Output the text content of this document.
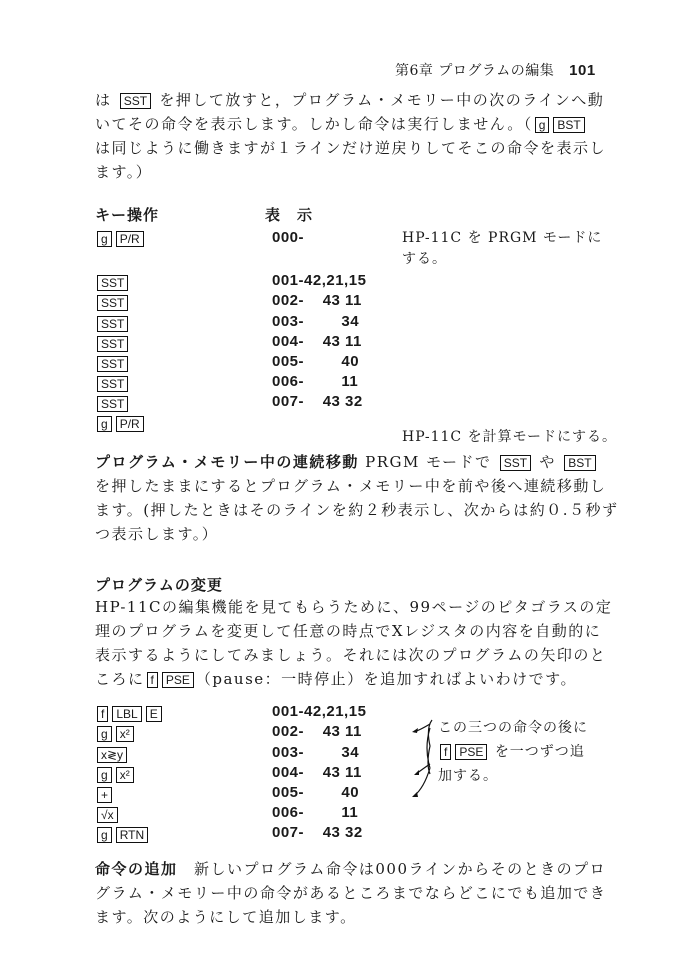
第6章 プログラムの編集 101
は SST を押して放すと，プログラム・メモリー中の次のラインへ動
いてその命令を表示します。しかし命令は実行しません。（ g BST
は同じように働きますが１ラインだけ逆戻りしてそこの命令を表示し
ます。）
キー操作	表　示
g P/R	000-	HP-11C を PRGM モードに
する。
SST	001-42,21,15
SST	002-    43 11
SST	003-        34
SST	004-    43 11
SST	005-        40
SST	006-        11
SST	007-    43 32
g P/R
HP-11C を計算モードにする。
プログラム・メモリー中の連続移動 PRGM モードで SST や BST
を押したままにするとプログラム・メモリー中を前や後へ連続移動し
ます。(押したときはそのラインを約２秒表示し、次からは約０.５秒ず
つ表示します。）
プログラムの変更
HP-11Cの編集機能を見てもらうために、99ページのピタゴラスの定
理のプログラムを変更して任意の時点でXレジスタの内容を自動的に
表示するようにしてみましょう。それには次のプログラムの矢印のと
ころに f PSE （pause：一時停止）を追加すればよいわけです。
f LBL E	001-42,21,15
g x²	002-    43 11
x≷y	003-        34
g x²	004-    43 11
+	005-        40
√x	006-        11
g RTN	007-    43 32
この三つの命令の後に
f PSE を一つずつ追
加する。
命令の追加　 新しいプログラム命令は000ラインからそのときのプロ
グラム・メモリー中の命令があるところまでならどこにでも追加でき
ます。次のようにして追加します。
